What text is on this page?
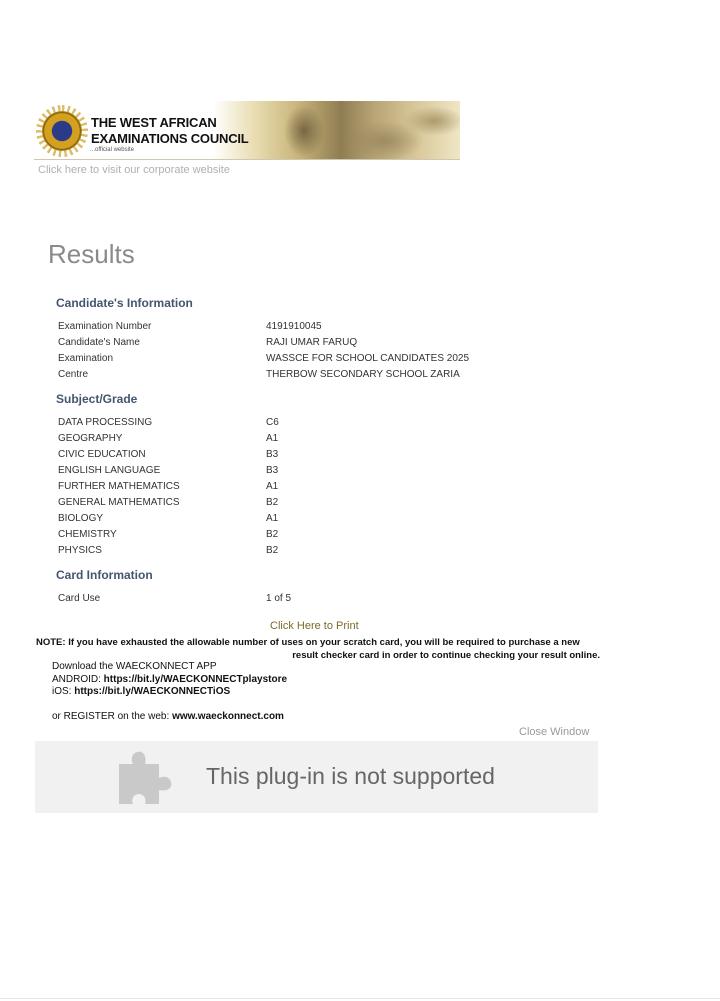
THE WEST AFRICAN
EXAMINATIONS COUNCIL
...official website
Click here to visit our corporate website
Results
Candidate's Information
Examination Number	4191910045
Candidate's Name	RAJI UMAR FARUQ
Examination	WASSCE FOR SCHOOL CANDIDATES 2025
Centre	THERBOW SECONDARY SCHOOL ZARIA
Subject/Grade
DATA PROCESSING	C6
GEOGRAPHY	A1
CIVIC EDUCATION	B3
ENGLISH LANGUAGE	B3
FURTHER MATHEMATICS	A1
GENERAL MATHEMATICS	B2
BIOLOGY	A1
CHEMISTRY	B2
PHYSICS	B2
Card Information
Card Use	1 of 5
Click Here to Print
NOTE: If you have exhausted the allowable number of uses on your scratch card, you will be required to purchase a new
result checker card in order to continue checking your result online.
Download the WAECKONNECT APP
ANDROID: https://bit.ly/WAECKONNECTplaystore
iOS: https://bit.ly/WAECKONNECTiOS
or REGISTER on the web: www.waeckonnect.com
Close Window
This plug-in is not supported
